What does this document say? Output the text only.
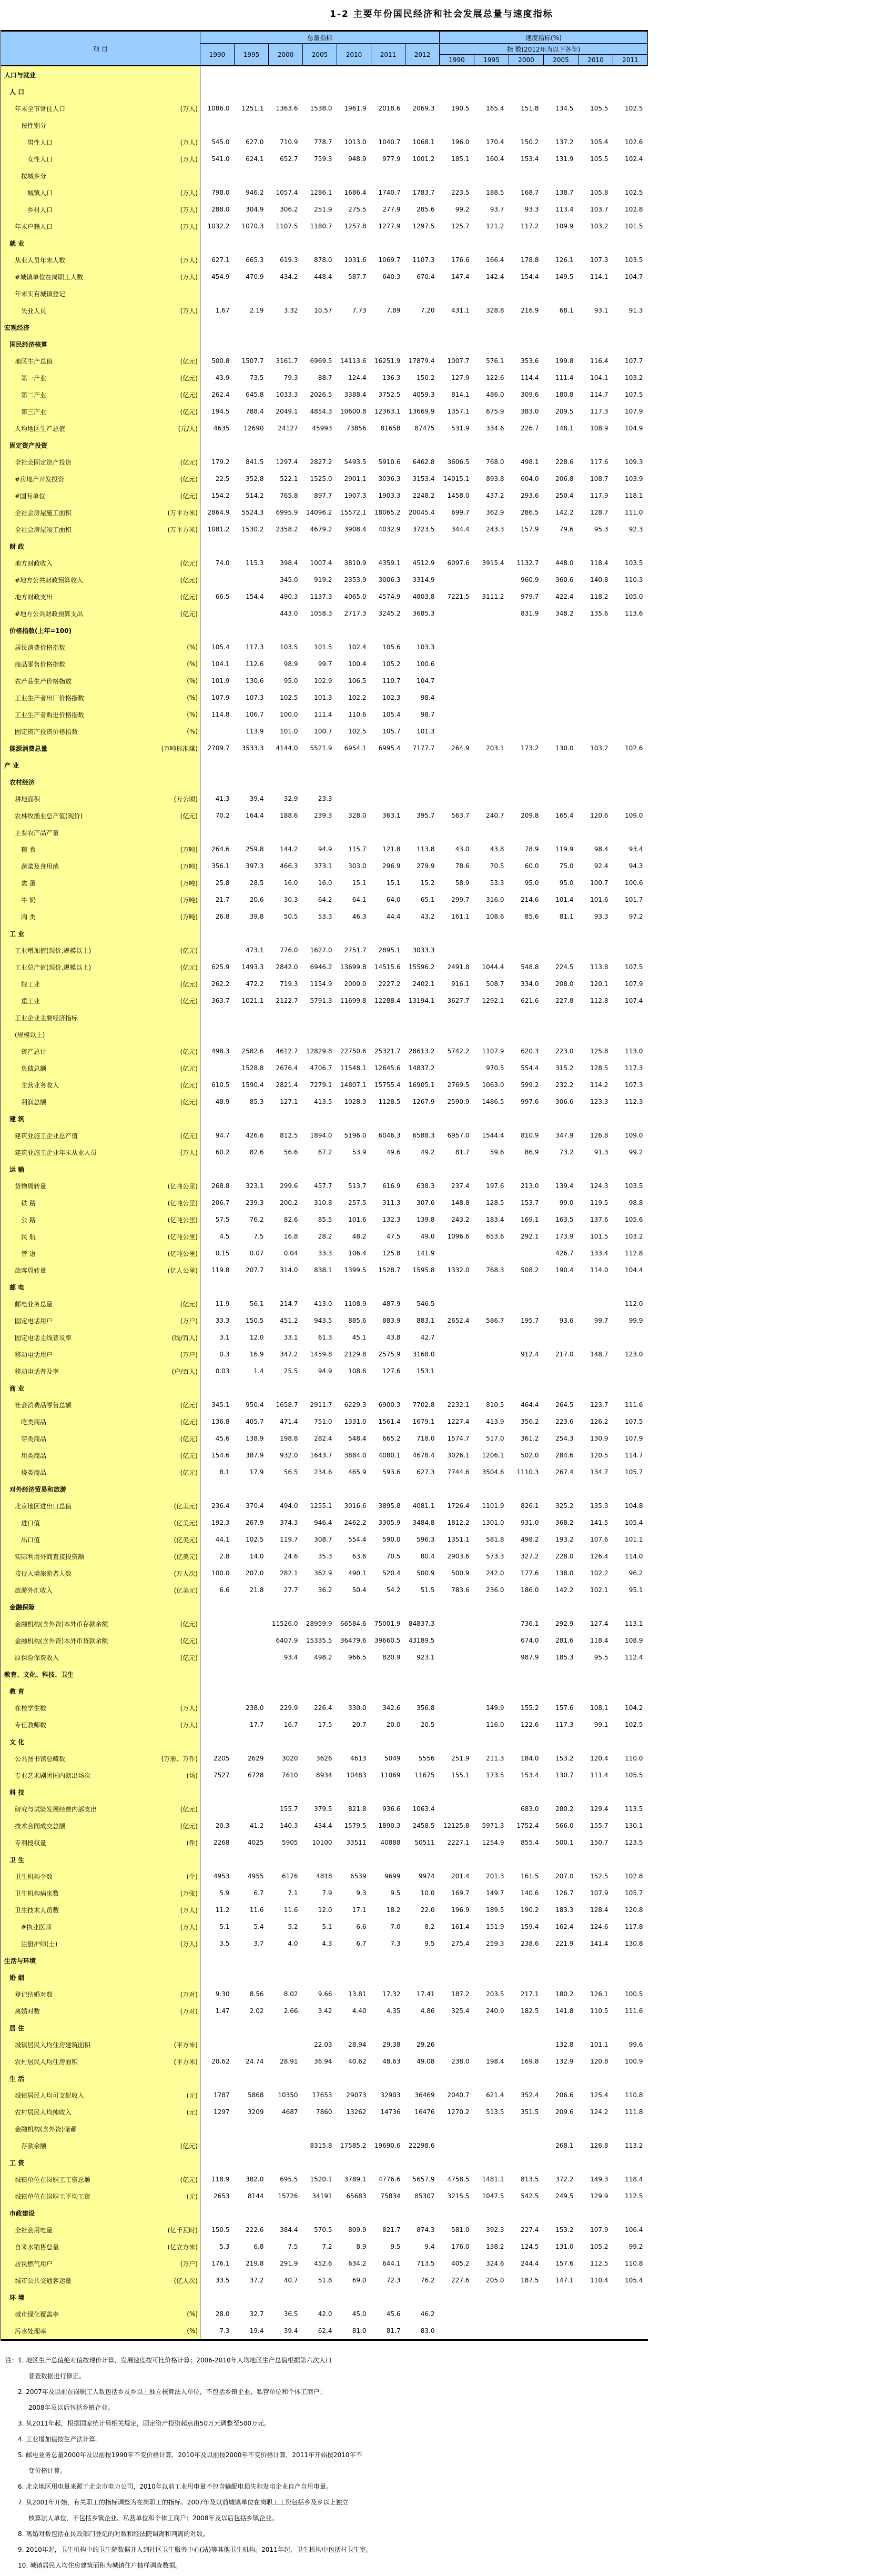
1-2 主要年份国民经济和社会发展总量与速度指标
项 目	总量指标							速度指标(%)					
	1990	1995	2000	2005	2010	2011	2012	指 数(2012年为以下各年)					
								1990	1995	2000	2005	2010	2011

人口与就业													

人 口													

年末全市常住人口 (万人)	1086.0	1251.1	1363.6	1538.0	1961.9	2018.6	2069.3	190.5	165.4	151.8	134.5	105.5	102.5

按性别分													

男性人口 (万人)	545.0	627.0	710.9	778.7	1013.0	1040.7	1068.1	196.0	170.4	150.2	137.2	105.4	102.6

女性人口 (万人)	541.0	624.1	652.7	759.3	948.9	977.9	1001.2	185.1	160.4	153.4	131.9	105.5	102.4

按城乡分													

城镇人口 (万人)	798.0	946.2	1057.4	1286.1	1686.4	1740.7	1783.7	223.5	188.5	168.7	138.7	105.8	102.5

乡村人口 (万人)	288.0	304.9	306.2	251.9	275.5	277.9	285.6	99.2	93.7	93.3	113.4	103.7	102.8

年末户籍人口 (万人)	1032.2	1070.3	1107.5	1180.7	1257.8	1277.9	1297.5	125.7	121.2	117.2	109.9	103.2	101.5

就 业													

从业人员年末人数 (万人)	627.1	665.3	619.3	878.0	1031.6	1069.7	1107.3	176.6	166.4	178.8	126.1	107.3	103.5

#城镇单位在岗职工人数 (万人)	454.9	470.9	434.2	448.4	587.7	640.3	670.4	147.4	142.4	154.4	149.5	114.1	104.7

年末实有城镇登记													

失业人员 (万人)	1.67	2.19	3.32	10.57	7.73	7.89	7.20	431.1	328.8	216.9	68.1	93.1	91.3

宏观经济													

国民经济核算													

地区生产总值 (亿元)	500.8	1507.7	3161.7	6969.5	14113.6	16251.9	17879.4	1007.7	576.1	353.6	199.8	116.4	107.7

第一产业 (亿元)	43.9	73.5	79.3	88.7	124.4	136.3	150.2	127.9	122.6	114.4	111.4	104.1	103.2

第二产业 (亿元)	262.4	645.8	1033.3	2026.5	3388.4	3752.5	4059.3	814.1	486.0	309.6	180.8	114.7	107.5

第三产业 (亿元)	194.5	788.4	2049.1	4854.3	10600.8	12363.1	13669.9	1357.1	675.9	383.0	209.5	117.3	107.9

人均地区生产总值 (元/人)	4635	12690	24127	45993	73856	81658	87475	531.9	334.6	226.7	148.1	108.9	104.9

固定资产投资													

全社会固定资产投资 (亿元)	179.2	841.5	1297.4	2827.2	5493.5	5910.6	6462.8	3606.5	768.0	498.1	228.6	117.6	109.3

#房地产开发投资 (亿元)	22.5	352.8	522.1	1525.0	2901.1	3036.3	3153.4	14015.1	893.8	604.0	206.8	108.7	103.9

#国有单位 (亿元)	154.2	514.2	765.8	897.7	1907.3	1903.3	2248.2	1458.0	437.2	293.6	250.4	117.9	118.1

全社会房屋施工面积 (万平方米)	2864.9	5524.3	6995.9	14096.2	15572.1	18065.2	20045.4	699.7	362.9	286.5	142.2	128.7	111.0

全社会房屋竣工面积 (万平方米)	1081.2	1530.2	2358.2	4679.2	3908.4	4032.9	3723.5	344.4	243.3	157.9	79.6	95.3	92.3

财 政													

地方财政收入 (亿元)	74.0	115.3	398.4	1007.4	3810.9	4359.1	4512.9	6097.6	3915.4	1132.7	448.0	118.4	103.5

#地方公共财政预算收入 (亿元)			345.0	919.2	2353.9	3006.3	3314.9			960.9	360.6	140.8	110.3

地方财政支出 (亿元)	66.5	154.4	490.3	1137.3	4065.0	4574.9	4803.8	7221.5	3111.2	979.7	422.4	118.2	105.0

#地方公共财政预算支出 (亿元)			443.0	1058.3	2717.3	3245.2	3685.3			831.9	348.2	135.6	113.6

价格指数(上年=100)													

居民消费价格指数 (%)	105.4	117.3	103.5	101.5	102.4	105.6	103.3						

商品零售价格指数 (%)	104.1	112.6	98.9	99.7	100.4	105.2	100.6						

农产品生产价格指数 (%)	101.9	130.6	95.0	102.9	106.5	110.7	104.7						

工业生产者出厂价格指数 (%)	107.9	107.3	102.5	101.3	102.2	102.3	98.4						

工业生产者购进价格指数 (%)	114.8	106.7	100.0	111.4	110.6	105.4	98.7						

固定资产投资价格指数 (%)		113.9	101.0	100.7	102.5	105.7	101.3						

能源消费总量 (万吨标准煤)	2709.7	3533.3	4144.0	5521.9	6954.1	6995.4	7177.7	264.9	203.1	173.2	130.0	103.2	102.6

产 业													

农村经济													

耕地面积 (万公顷)	41.3	39.4	32.9	23.3									

农林牧渔业总产值(现价) (亿元)	70.2	164.4	188.6	239.3	328.0	363.1	395.7	563.7	240.7	209.8	165.4	120.6	109.0

主要农产品产量													

粮 食 (万吨)	264.6	259.8	144.2	94.9	115.7	121.8	113.8	43.0	43.8	78.9	119.9	98.4	93.4

蔬菜及食用菌 (万吨)	356.1	397.3	466.3	373.1	303.0	296.9	279.9	78.6	70.5	60.0	75.0	92.4	94.3

禽 蛋 (万吨)	25.8	28.5	16.0	16.0	15.1	15.1	15.2	58.9	53.3	95.0	95.0	100.7	100.6

牛 奶 (万吨)	21.7	20.6	30.3	64.2	64.1	64.0	65.1	299.7	316.0	214.6	101.4	101.6	101.7

肉 类 (万吨)	26.8	39.8	50.5	53.3	46.3	44.4	43.2	161.1	108.6	85.6	81.1	93.3	97.2

工 业													

工业增加值(现价,规模以上) (亿元)		473.1	776.0	1627.0	2751.7	2895.1	3033.3						

工业总产值(现价,规模以上) (亿元)	625.9	1493.3	2842.0	6946.2	13699.8	14515.6	15596.2	2491.8	1044.4	548.8	224.5	113.8	107.5

轻工业 (亿元)	262.2	472.2	719.3	1154.9	2000.0	2227.2	2402.1	916.1	508.7	334.0	208.0	120.1	107.9

重工业 (亿元)	363.7	1021.1	2122.7	5791.3	11699.8	12288.4	13194.1	3627.7	1292.1	621.6	227.8	112.8	107.4

工业企业主要经济指标													

(规模以上)													

资产总计 (亿元)	498.3	2582.6	4612.7	12829.8	22750.6	25321.7	28613.2	5742.2	1107.9	620.3	223.0	125.8	113.0

负债总额 (亿元)		1528.8	2676.4	4706.7	11548.1	12645.6	14837.2		970.5	554.4	315.2	128.5	117.3

主营业务收入 (亿元)	610.5	1590.4	2821.4	7279.1	14807.1	15755.4	16905.1	2769.5	1063.0	599.2	232.2	114.2	107.3

利润总额 (亿元)	48.9	85.3	127.1	413.5	1028.3	1128.5	1267.9	2590.9	1486.5	997.6	306.6	123.3	112.3

建 筑													

建筑业施工企业总产值 (亿元)	94.7	426.6	812.5	1894.0	5196.0	6046.3	6588.3	6957.0	1544.4	810.9	347.9	126.8	109.0

建筑业施工企业年末从业人员 (万人)	60.2	82.6	56.6	67.2	53.9	49.6	49.2	81.7	59.6	86.9	73.2	91.3	99.2

运 输													

货物周转量 (亿吨公里)	268.8	323.1	299.6	457.7	513.7	616.9	638.3	237.4	197.6	213.0	139.4	124.3	103.5

铁 路 (亿吨公里)	206.7	239.3	200.2	310.8	257.5	311.3	307.6	148.8	128.5	153.7	99.0	119.5	98.8

公 路 (亿吨公里)	57.5	76.2	82.6	85.5	101.6	132.3	139.8	243.2	183.4	169.1	163.5	137.6	105.6

民 航 (亿吨公里)	4.5	7.5	16.8	28.2	48.2	47.5	49.0	1096.6	653.6	292.1	173.9	101.5	103.2

管 道 (亿吨公里)	0.15	0.07	0.04	33.3	106.4	125.8	141.9				426.7	133.4	112.8

旅客周转量 (亿人公里)	119.8	207.7	314.0	838.1	1399.5	1528.7	1595.8	1332.0	768.3	508.2	190.4	114.0	104.4

邮 电													

邮电业务总量 (亿元)	11.9	56.1	214.7	413.0	1108.9	487.9	546.5						112.0

固定电话用户 (万户)	33.3	150.5	451.2	943.5	885.6	883.9	883.1	2652.4	586.7	195.7	93.6	99.7	99.9

固定电话主线普及率 (线/百人)	3.1	12.0	33.1	61.3	45.1	43.8	42.7						

移动电话用户 (万户)	0.3	16.9	347.2	1459.8	2129.8	2575.9	3168.0			912.4	217.0	148.7	123.0

移动电话普及率 (户/百人)	0.03	1.4	25.5	94.9	108.6	127.6	153.1						

商 业													

社会消费品零售总额 (亿元)	345.1	950.4	1658.7	2911.7	6229.3	6900.3	7702.8	2232.1	810.5	464.4	264.5	123.7	111.6

吃类商品 (亿元)	136.8	405.7	471.4	751.0	1331.0	1561.4	1679.1	1227.4	413.9	356.2	223.6	126.2	107.5

穿类商品 (亿元)	45.6	138.9	198.8	282.4	548.4	665.2	718.0	1574.7	517.0	361.2	254.3	130.9	107.9

用类商品 (亿元)	154.6	387.9	932.0	1643.7	3884.0	4080.1	4678.4	3026.1	1206.1	502.0	284.6	120.5	114.7

烧类商品 (亿元)	8.1	17.9	56.5	234.6	465.9	593.6	627.3	7744.6	3504.6	1110.3	267.4	134.7	105.7

对外经济贸易和旅游													

北京地区进出口总值 (亿美元)	236.4	370.4	494.0	1255.1	3016.6	3895.8	4081.1	1726.4	1101.9	826.1	325.2	135.3	104.8

进口值 (亿美元)	192.3	267.9	374.3	946.4	2462.2	3305.9	3484.8	1812.2	1301.0	931.0	368.2	141.5	105.4

出口值 (亿美元)	44.1	102.5	119.7	308.7	554.4	590.0	596.3	1351.1	581.8	498.2	193.2	107.6	101.1

实际利用外商直接投资额 (亿美元)	2.8	14.0	24.6	35.3	63.6	70.5	80.4	2903.6	573.3	327.2	228.0	126.4	114.0

接待入境旅游者人数 (万人次)	100.0	207.0	282.1	362.9	490.1	520.4	500.9	500.9	242.0	177.6	138.0	102.2	96.2

旅游外汇收入 (亿美元)	6.6	21.8	27.7	36.2	50.4	54.2	51.5	783.6	236.0	186.0	142.2	102.1	95.1

金融保险													

金融机构(含外资)本外币存款余额 (亿元)			11526.0	28959.9	66584.6	75001.9	84837.3			736.1	292.9	127.4	113.1

金融机构(含外资)本外币贷款余额 (亿元)			6407.9	15335.5	36479.6	39660.5	43189.5			674.0	281.6	118.4	108.9

原保险保费收入 (亿元)			93.4	498.2	966.5	820.9	923.1			987.9	185.3	95.5	112.4

教育、文化、科技、卫生													

教 育													

在校学生数 (万人)		238.0	229.9	226.4	330.0	342.6	356.8		149.9	155.2	157.6	108.1	104.2

专任教师数 (万人)		17.7	16.7	17.5	20.7	20.0	20.5		116.0	122.6	117.3	99.1	102.5

文 化													

公共图书馆总藏数 (万册、万件)	2205	2629	3020	3626	4613	5049	5556	251.9	211.3	184.0	153.2	120.4	110.0

专业艺术剧团国内演出场次 (场)	7527	6728	7610	8934	10483	11069	11675	155.1	173.5	153.4	130.7	111.4	105.5

科 技													

研究与试验发展经费内部支出 (亿元)			155.7	379.5	821.8	936.6	1063.4			683.0	280.2	129.4	113.5

技术合同成交总额 (亿元)	20.3	41.2	140.3	434.4	1579.5	1890.3	2458.5	12125.8	5971.3	1752.4	566.0	155.7	130.1

专利授权量 (件)	2268	4025	5905	10100	33511	40888	50511	2227.1	1254.9	855.4	500.1	150.7	123.5

卫 生													

卫生机构个数 (个)	4953	4955	6176	4818	6539	9699	9974	201.4	201.3	161.5	207.0	152.5	102.8

卫生机构病床数 (万张)	5.9	6.7	7.1	7.9	9.3	9.5	10.0	169.7	149.7	140.6	126.7	107.9	105.7

卫生技术人员数 (万人)	11.2	11.6	11.6	12.0	17.1	18.2	22.0	196.9	189.5	190.2	183.3	128.4	120.8

#执业医师 (万人)	5.1	5.4	5.2	5.1	6.6	7.0	8.2	161.4	151.9	159.4	162.4	124.6	117.8

注册护师(士) (万人)	3.5	3.7	4.0	4.3	6.7	7.3	9.5	275.4	259.3	238.6	221.9	141.4	130.8

生活与环境													

婚 姻													

登记结婚对数 (万对)	9.30	8.56	8.02	9.66	13.81	17.32	17.41	187.2	203.5	217.1	180.2	126.1	100.5

离婚对数 (万对)	1.47	2.02	2.66	3.42	4.40	4.35	4.86	325.4	240.9	182.5	141.8	110.5	111.6

居 住													

城镇居民人均住房建筑面积 (平方米)				22.03	28.94	29.38	29.26				132.8	101.1	99.6

农村居民人均住房面积 (平方米)	20.62	24.74	28.91	36.94	40.62	48.63	49.08	238.0	198.4	169.8	132.9	120.8	100.9

生 活													

城镇居民人均可支配收入 (元)	1787	5868	10350	17653	29073	32903	36469	2040.7	621.4	352.4	206.6	125.4	110.8

农村居民人均纯收入 (元)	1297	3209	4687	7860	13262	14736	16476	1270.2	513.5	351.5	209.6	124.2	111.8

金融机构(含外资)储蓄													

存款余额 (亿元)				8315.8	17585.2	19690.6	22298.6				268.1	126.8	113.2

工 资													

城镇单位在岗职工工资总额 (亿元)	118.9	382.0	695.5	1520.1	3789.1	4776.6	5657.9	4758.5	1481.1	813.5	372.2	149.3	118.4

城镇单位在岗职工平均工资 (元)	2653	8144	15726	34191	65683	75834	85307	3215.5	1047.5	542.5	249.5	129.9	112.5

市政建设													

全社会用电量 (亿千瓦时)	150.5	222.6	384.4	570.5	809.9	821.7	874.3	581.0	392.3	227.4	153.2	107.9	106.4

自来水销售总量 (亿立方米)	5.3	6.8	7.5	7.2	8.9	9.5	9.4	176.0	138.2	124.5	131.0	105.2	99.2

居民燃气用户 (万户)	176.1	219.8	291.9	452.6	634.2	644.1	713.5	405.2	324.6	244.4	157.6	112.5	110.8

城市公共交通客运量 (亿人次)	33.5	37.2	40.7	51.8	69.0	72.3	76.2	227.6	205.0	187.5	147.1	110.4	105.4

环 境													

城市绿化覆盖率 (%)	28.0	32.7	36.5	42.0	45.0	45.6	46.2						

污水处理率 (%)	7.3	19.4	39.4	62.4	81.0	81.7	83.0						
注：1. 地区生产总值绝对值按现价计算，发展速度按可比价格计算；2006-2010年人均地区生产总值根据第六次人口
普查数据进行修正。
2. 2007年及以前在岗职工人数包括乡及乡以上独立核算法人单位，不包括乡镇企业、私营单位和个体工商户；
2008年及以后包括乡镇企业。
3. 从2011年起，根据国家统计局相关规定，固定资产投资起点由50万元调整至500万元。
4. 工业增加值按生产法计算。
5. 邮电业务总量2000年及以前按1990年不变价格计算，2010年及以前按2000年不变价格计算，2011年开始按2010年不
变价格计算。
6. 北京地区用电量来源于北京市电力公司，2010年以前工业用电量不包含输配电损失和发电企业自产自用电量。
7. 从2001年开始，有关职工的指标调整为在岗职工的指标。2007年及以前城镇单位在岗职工工资包括乡及乡以上独立
核算法人单位，不包括乡镇企业、私营单位和个体工商户；2008年及以后包括乡镇企业。
8. 离婚对数包括在民政部门登记的对数和经法院调离和判离的对数。
9. 2010年起，卫生机构中的卫生院数据并入到社区卫生服务中心(站)等其他卫生机构。2011年起，卫生机构中包括村卫生室。
10. 城镇居民人均住房建筑面积为城镇住户抽样调查数据。
